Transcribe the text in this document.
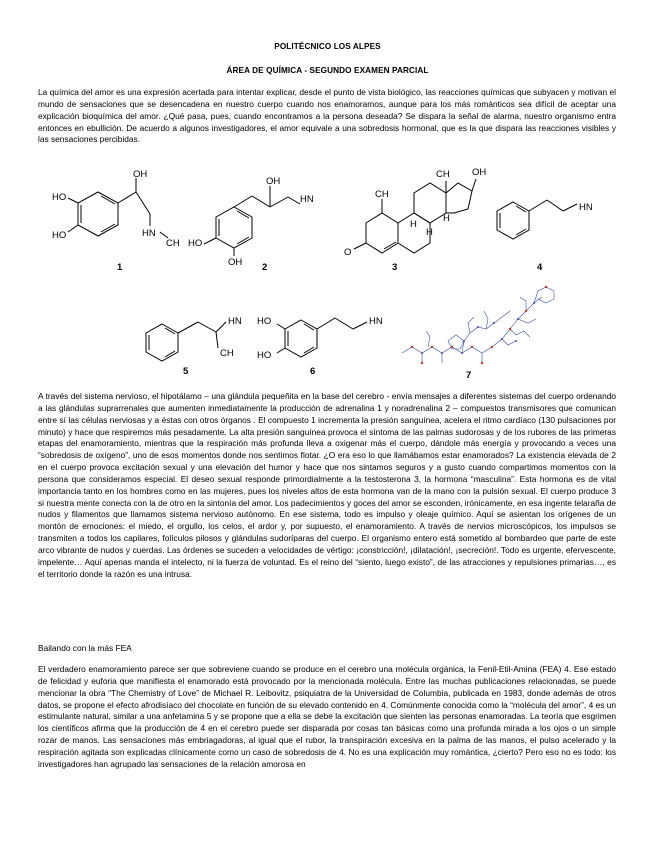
POLITÉCNICO LOS ALPES
ÁREA DE QUÍMICA - SEGUNDO EXAMEN PARCIAL

La química del amor es una expresión acertada para intentar explicar, desde el punto de vista biológico, las reacciones químicas que subyacen y motivan el mundo de sensaciones que se desencadena en nuestro cuerpo cuando nos enamoramos, aunque para los más románticos sea difícil de aceptar una explicación bioquímica del amor. ¿Qué pasa, pues, cuando encontramos a la persona deseada? Se dispara la señal de alarma, nuestro organismo entra entonces en ebullición. De acuerdo a algunos investigadores, el amor equivale a una sobredosis hormonal, que es la que dispara las reacciones visibles y las sensaciones percibidas.

OH
HO
HO	HN
CH
1
OH
HN
HO
OH 2
O
CH
CH OH
H
H
H
3
HN
4
HN
CH
5
HO
HO
HN
6	7

A través del sistema nervioso, el hipotálamo – una glándula pequeñita en la base del cerebro - envía mensajes a diferentes sistemas del cuerpo ordenando a las glándulas suprarrenales que aumenten inmediatamente la producción de adrenalina 1 y noradrenalina 2 – compuestos transmisores que comunican entre sí las células nerviosas y a éstas con otros órganos . El compuesto 1 incrementa la presión sanguínea, acelera el ritmo cardíaco (130 pulsaciones por minuto) y hace que respiremos más pesadamente. La alta presión sanguínea provoca el síntoma de las palmas sudorosas y de los rubores de las primeras etapas del enamoramiento, mientras que la respiración más profunda lleva a oxigenar más el cuerpo, dándole más energía y provocando a veces una “sobredosis de oxígeno”, uno de esos momentos donde nos sentimos flotar. ¿O era eso lo que llamábamos estar enamorados? La existencia elevada de 2 en el cuerpo provoca excitación sexual y una elevación del humor y hace que nos sintamos seguros y a gusto cuando compartimos momentos con la persona que consideramos especial. El deseo sexual responde primordialmente a la testosterona 3, la hormona “masculina”. Esta hormona es de vital importancia tanto en los hombres como en las mujeres, pues los niveles altos de esta hormona van de la mano con la pulsión sexual. El cuerpo produce 3 si nuestra mente conecta con la de otro en la sintonía del amor. Los padecimientos y goces del amor se esconden, irónicamente, en esa ingente telaraña de nudos y filamentos que llamamos sistema nervioso autónomo. En ese sistema, todo es impulso y oleaje químico. Aquí se asientan los orígenes de un montón de emociones: el miedo, el orgullo, los celos, el ardor y, por supuesto, el enamoramiento. A través de nervios microscópicos, los impulsos se transmiten a todos los capilares, folículos pilosos y glándulas sudoríparas del cuerpo. El organismo entero está sometido al bombardeo que parte de este arco vibrante de nudos y cuerdas. Las órdenes se suceden a velocidades de vértigo: ¡constricción!, ¡dilatación!, ¡secreción!. Todo es urgente, efervescente, impelente… Aquí apenas manda el intelecto, ni la fuerza de voluntad. Es el reino del “siento, luego existo”, de las atracciones y repulsiones primarias…, es el territorio donde la razón es una intrusa.

Bailando con la más FEA

El verdadero enamoramiento parece ser que sobreviene cuando se produce en el cerebro una molécula orgánica, la Fenil-Etil-Amina (FEA) 4. Ese estado de felicidad y euforia que manifiesta el enamorado está provocado por la mencionada molécula. Entre las muchas publicaciones relacionadas, se puede mencionar la obra “The Chemistry of Love” de Michael R. Leibovitz, psiquiatra de la Universidad de Columbia, publicada en 1983, donde además de otros datos, se propone el efecto afrodisíaco del chocolate en función de su elevado contenido en 4. Comúnmente conocida como la “molécula del amor”, 4 es un estimulante natural, similar a una anfetamina 5 y se propone que a ella se debe la excitación que sienten las personas enamoradas. La teoría que esgrimen los científicos afirma que la producción de 4 en el cerebro puede ser disparada por cosas tan básicas como una profunda mirada a los ojos o un simple rozar de manos. Las sensaciones más embriagadoras, al igual que el rubor, la transpiración excesiva en la palma de las manos, el pulso acelerado y la respiración agitada son explicadas clínicamente como un caso de sobredosis de 4. No es una explicación muy romántica, ¿cierto? Pero eso no es todo: los investigadores han agrupado las sensaciones de la relación amorosa en
